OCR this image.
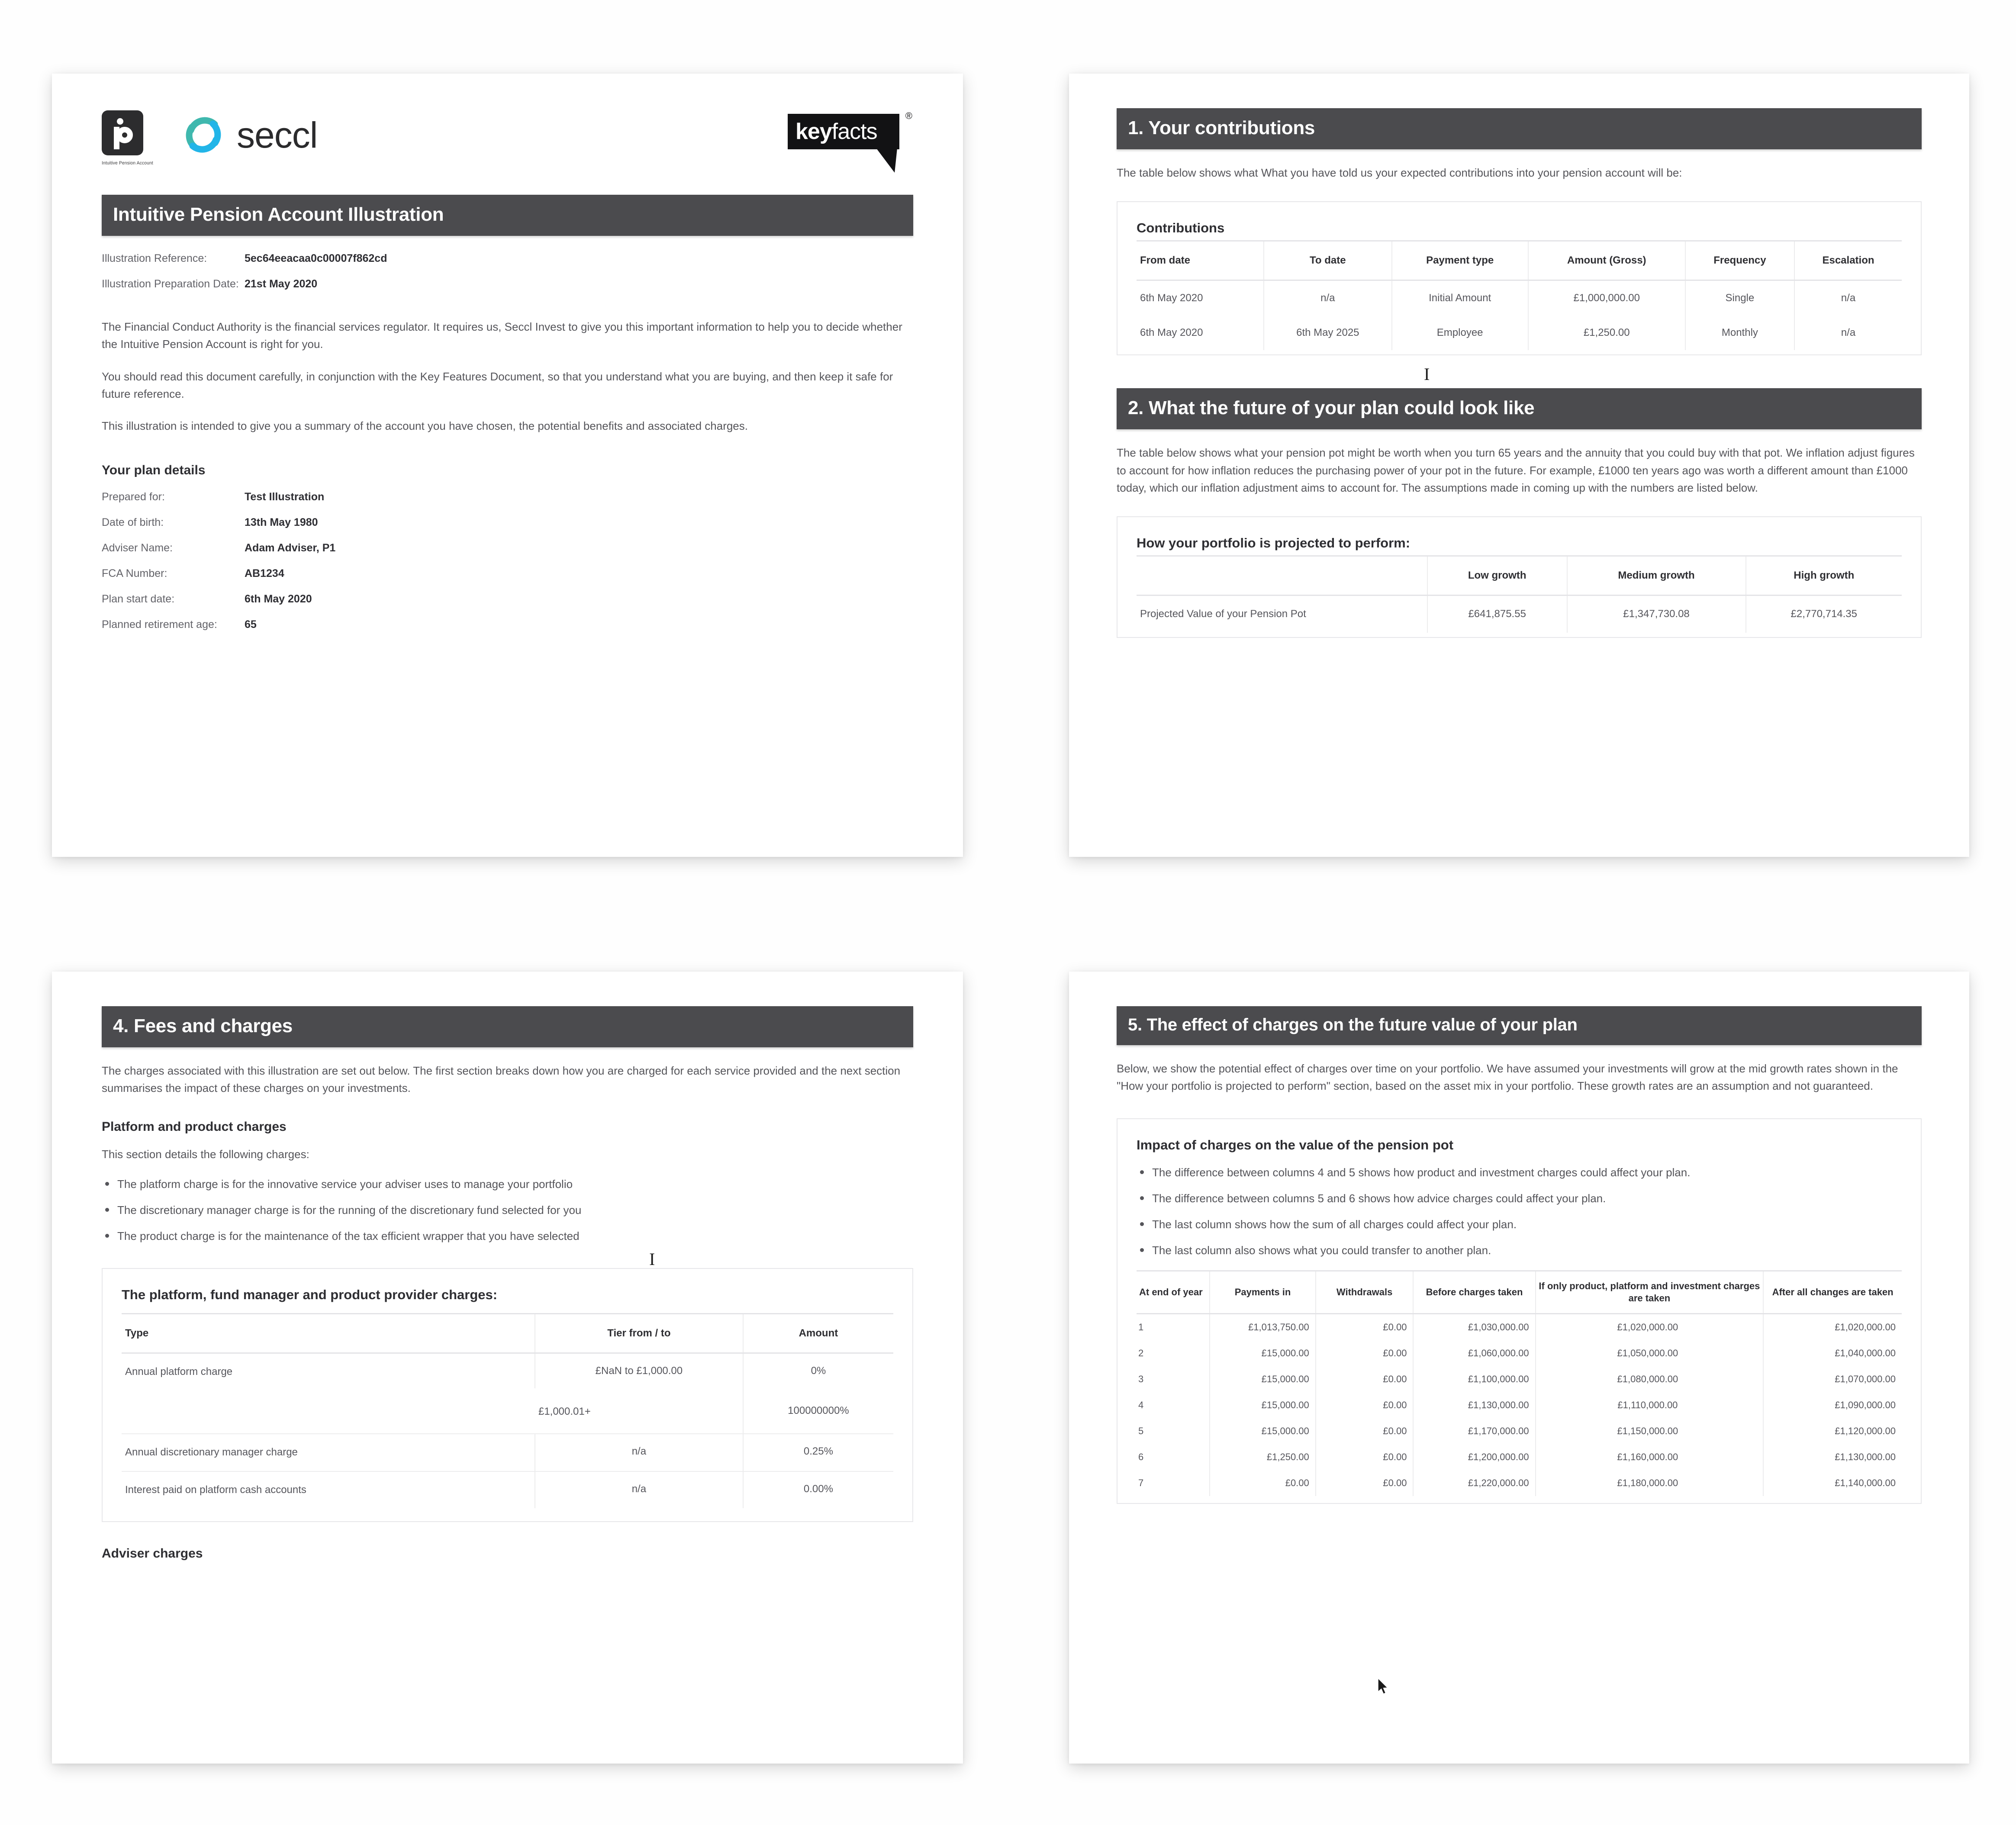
Intuitive Pension Account
seccl	key facts
®
Intuitive Pension Account Illustration
Illustration Reference:	5ec64eeacaa0c00007f862cd
Illustration Preparation Date: 21st May 2020
The Financial Conduct Authority is the financial services regulator. It requires us, Seccl Invest to give you this important information to help you to decide whether the Intuitive Pension Account is right for you.
You should read this document carefully, in conjunction with the Key Features Document, so that you understand what you are buying, and then keep it safe for future reference.
This illustration is intended to give you a summary of the account you have chosen, the potential benefits and associated charges.
Your plan details
Prepared for:	Test Illustration
Date of birth:	13th May 1980
Adviser Name:	Adam Adviser, P1
FCA Number:	AB1234
Plan start date:	6th May 2020
Planned retirement age:	65
1. Your contributions
The table below shows what What you have told us your expected contributions into your pension account will be:
Contributions
From date	To date	Payment type	Amount (Gross)	Frequency	Escalation
6th May 2020	n/a	Initial Amount	£1,000,000.00	Single	n/a
6th May 2020	6th May 2025	Employee	£1,250.00	Monthly	n/a
2. What the future of your plan could look like
The table below shows what your pension pot might be worth when you turn 65 years and the annuity that you could buy with that pot. We inflation adjust figures to account for how inflation reduces the purchasing power of your pot in the future. For example, £1000 ten years ago was worth a different amount than £1000 today, which our inflation adjustment aims to account for. The assumptions made in coming up with the numbers are listed below.
How your portfolio is projected to perform:
	Low growth	Medium growth	High growth
Projected Value of your Pension Pot	£641,875.55	£1,347,730.08	£2,770,714.35
4. Fees and charges
The charges associated with this illustration are set out below. The first section breaks down how you are charged for each service provided and the next section summarises the impact of these charges on your investments.
Platform and product charges
This section details the following charges:
The platform charge is for the innovative service your adviser uses to manage your portfolio
The discretionary manager charge is for the running of the discretionary fund selected for you
The product charge is for the maintenance of the tax efficient wrapper that you have selected
The platform, fund manager and product provider charges:
Type	Tier from / to	Amount
Annual platform charge	£NaN to £1,000.00	0%
	£1,000.01+	100000000%
Annual discretionary manager charge	n/a	0.25%
Interest paid on platform cash accounts	n/a	0.00%
Adviser charges
5. The effect of charges on the future value of your plan
Below, we show the potential effect of charges over time on your portfolio. We have assumed your investments will grow at the mid growth rates shown in the "How your portfolio is projected to perform" section, based on the asset mix in your portfolio. These growth rates are an assumption and not guaranteed.
Impact of charges on the value of the pension pot
The difference between columns 4 and 5 shows how product and investment charges could affect your plan.
The difference between columns 5 and 6 shows how advice charges could affect your plan.
The last column shows how the sum of all charges could affect your plan.
The last column also shows what you could transfer to another plan.
At end of year	Payments in	Withdrawals	Before charges taken	If only product, platform and investment charges are taken	After all changes are taken
1	£1,013,750.00	£0.00	£1,030,000.00	£1,020,000.00	£1,020,000.00
2	£15,000.00	£0.00	£1,060,000.00	£1,050,000.00	£1,040,000.00
3	£15,000.00	£0.00	£1,100,000.00	£1,080,000.00	£1,070,000.00
4	£15,000.00	£0.00	£1,130,000.00	£1,110,000.00	£1,090,000.00
5	£15,000.00	£0.00	£1,170,000.00	£1,150,000.00	£1,120,000.00
6	£1,250.00	£0.00	£1,200,000.00	£1,160,000.00	£1,130,000.00
7	£0.00	£0.00	£1,220,000.00	£1,180,000.00	£1,140,000.00
